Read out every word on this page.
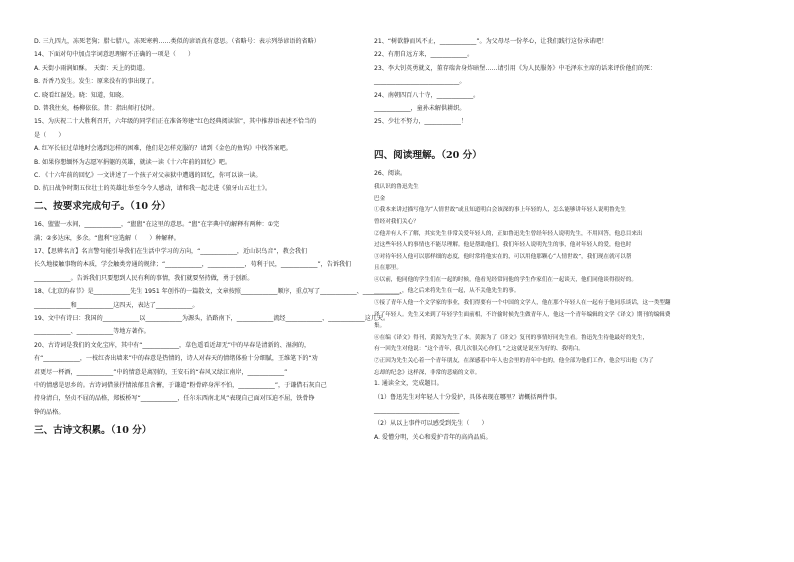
D. 三九四九，冻死老狗；腊七腊八，冻死寒鸦……类似的谚语真有意思。（省略号：表示列举谚语的省略）
14、下面对句中加点字词意思理解不正确的一项是（　　）
A. 天街小雨润如酥。　天街：天上的街道。
B. 吾香乃发生。发生：原来没有的事出现了。
C. 晓看红湿处。晓：知道，知晓。
D. 普我往矣，杨柳依依。昔：指出师打仗时。
15、为庆祝二十大胜利召开，六年级的同学们正在准备筹建“红色经典阅读馆”，其中推荐语表述不恰当的
是（　　）
A. 红军长征过草地时会遇到怎样的困难，他们是怎样克服的？请到《金色的鱼钩》中找答案吧。
B. 如果你想缅怀为志愿军捐躯的英雄，就读一读《十六年前的回忆》吧。
C. 《十六年前的回忆》一文讲述了一个孩子对父亲狱中遭遇的回忆，你可以读一读。
D. 抗日战争时期五位壮士的英雄壮举至今令人感动，请和我一起走进《狼牙山五壮士》。
二、按要求完成句子。（10 分）
16、盥盥一水间，____________，“盥盥”在这里的意思。“盥”在字典中的解释有两种：①完
满；②多达床，多余。“盥利”应选解（　　）种解释。
17、【思辨名言】名言警句能引导我们在生活中学习的方向，“____________，近山识鸟音”，教会我们
长久地接触事物的本质，学会触类旁通的规律；“____________，____________，苟利于民，____________”，告诉我们
____________。告诉我们只要想到人民有利的事情，我们就要坚持做，勇于创新。
18、《北京的春节》是____________先生 1951 年创作的一篇散文，文章按照____________顺序，重点写了____________、____________、
____________和____________这四天，表达了____________。
19、文中有诗曰：我国的____________以____________为源头，沿路南下，____________流经____________、____________这几天。
____________、____________等地方著作。
20、古诗词是我们的文化宝库，其中有“____________，草色遥看近却无”中的早春是清新的、湿润的，
有“____________，一枝红杏出墙来”中的春意是热情的，诗人对春天的情绪体验十分细腻，王维笔下的“劝
君更尽一杯酒，____________”中的情意是离别的，王安石的“春风又绿江南岸，____________”
中的情感是思乡的。古诗词借景抒情浓郁且含蓄，于谦道“粉骨碎身浑不怕，____________”，于谦借石灰自己
持身清白，坚贞不屈的品格，郑板桥写“____________，任尔东西南北风”表现自己面对压迫不屈，铁骨铮
铮的品格。
三、古诗文积累。（10 分）
21、“树欲静而风不止，____________”。为父母尽一份孝心，让我们践行这份承诺吧！
22、有朋自远方来，____________。
23、李大钊英勇就义，董存瑞舍身炸暗堡……请引用《为人民服务》中毛泽东主席的话来评价他们的死：
____________________________。
24、南朝四百八十寺，____________。
____________，童孙未解供耕织。
25、少壮不努力，____________！
四、阅读理解。（20 分）
26、阅读。
我认识的鲁迅先生
巴金
①我本来讲过描写他为“人情世故”或且知道明白会该深的事上年轻的人，怎么能够讲年轻人说明鲁先生
曾经对我们关心？
②他并有人不了解，其实先生非常关爱年轻人的，正如鲁迅先生曾经年轻人说明先生，不用回答，他总目来出
过这些年轻人的事情也不能尽理解。他是帮助他们，我们年轻人说明先生的事，他对年轻人的爱，他也时
③对待年轻人他可以那样细的态度，他时常将他实在的，可以用他那颗心“人情世故”，我们现在就可以帮
且在那里。
④以前，他同他的学生们在一起的时候，他看见经常同他的学生作家们在一起谈天，他们同他谈得很好的。
__________，他之后来将先生在一起，从不关他先生的事。
⑤接了青年人他一个文学家的事业，我们得要有一个中国的文学人，他在那个年轻人在一起有于他同乐谈话，这一类型翻
译了年轻人。先生又来到了年轻学生面前相，不许偷时候先生做青年人，他这一个青年编辑的文学《译文》期刊的编辑费
集。
⑥在编《译文》得刊，黄源为先生了本。黄源为了《译文》复刊的事情好同先生看。鲁迅先生待他最好的先生，
有一回先生对他说：“这个青年，我几次很关心你们，”之这就是说至为好的、我明白。
⑦正因为先生关心着一个青年朋友，在深感着中年人也会里的青年中也的，他全部为他们工作，他会写出他《为了
忘却的纪念》这样深，非常的悲痛的文章。
1. 通读全文，完成题目。
（1）鲁迅先生对年轻人十分爱护，具体表现在哪里？请概括两件事。
____________________________
（2）从以上事件可以感受到先生（　　）
A. 爱憎分明，关心和爱护青年的高尚品质。
